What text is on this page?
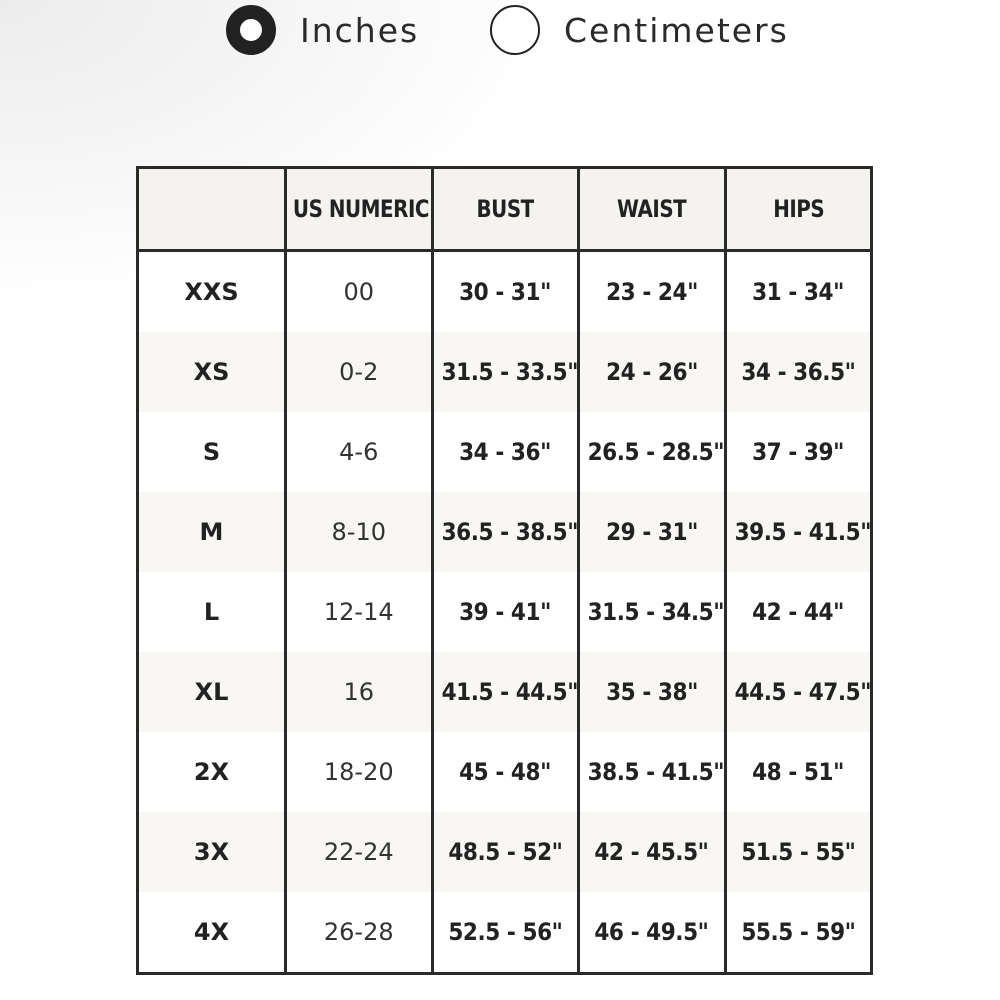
Inches	Centimeters
	US NUMERIC	BUST	WAIST	HIPS
XXS	00	30 - 31"	23 - 24"	31 - 34"
XS	0-2	31.5 - 33.5"	24 - 26"	34 - 36.5"
S	4-6	34 - 36"	26.5 - 28.5"	37 - 39"
M	8-10	36.5 - 38.5"	29 - 31"	39.5 - 41.5"
L	12-14	39 - 41"	31.5 - 34.5"	42 - 44"
XL	16	41.5 - 44.5"	35 - 38"	44.5 - 47.5"
2X	18-20	45 - 48"	38.5 - 41.5"	48 - 51"
3X	22-24	48.5 - 52"	42 - 45.5"	51.5 - 55"
4X	26-28	52.5 - 56"	46 - 49.5"	55.5 - 59"
